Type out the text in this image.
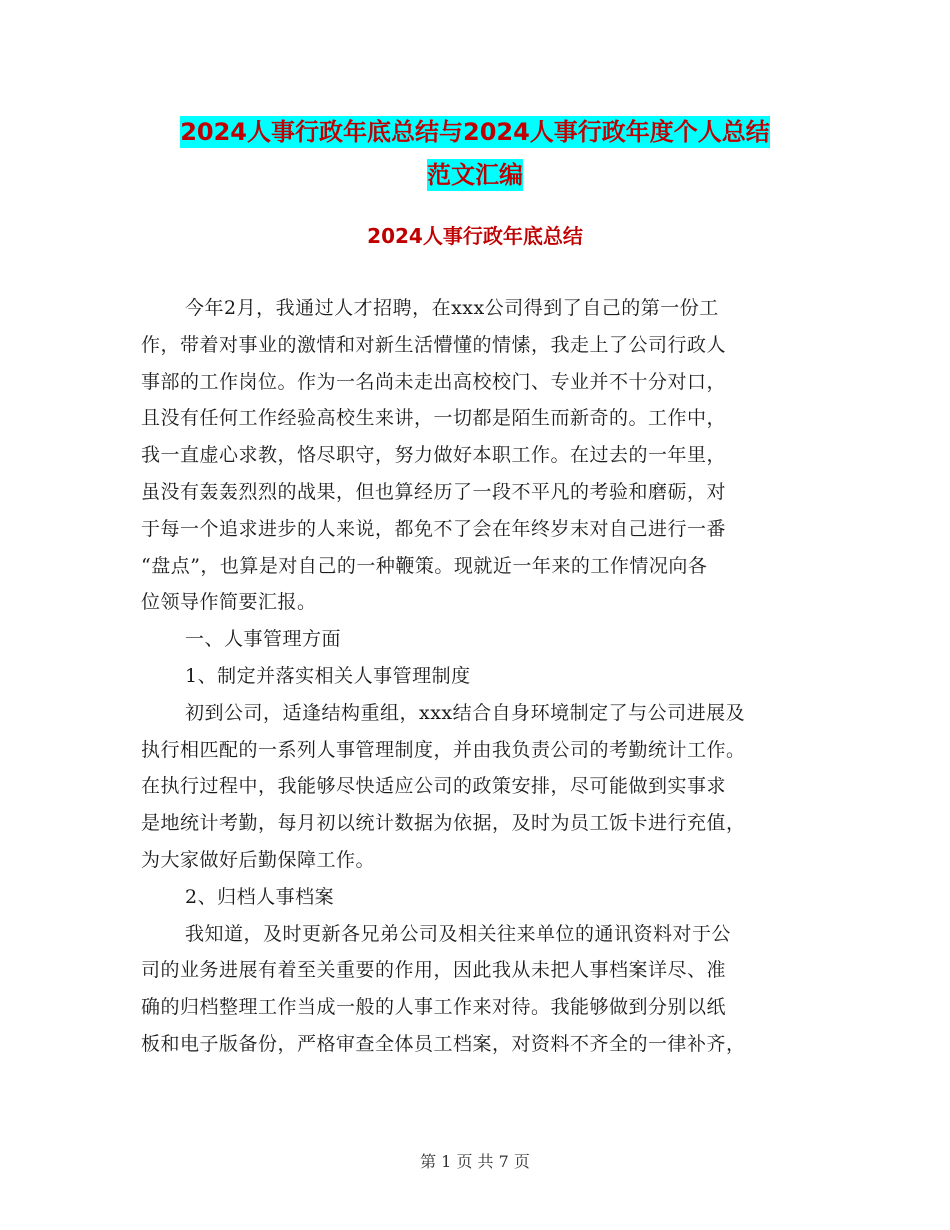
2024人事行政年底总结与2024人事行政年度个人总结
范文汇编
2024人事行政年底总结
今年2月，我通过人才招聘，在xxx公司得到了自己的第一份工
作，带着对事业的激情和对新生活懵懂的情愫，我走上了公司行政人
事部的工作岗位。作为一名尚未走出高校校门、专业并不十分对口，
且没有任何工作经验高校生来讲，一切都是陌生而新奇的。工作中，
我一直虚心求教，恪尽职守，努力做好本职工作。在过去的一年里，
虽没有轰轰烈烈的战果，但也算经历了一段不平凡的考验和磨砺，对
于每一个追求进步的人来说，都免不了会在年终岁末对自己进行一番
“盘点”，也算是对自己的一种鞭策。现就近一年来的工作情况向各
位领导作简要汇报。
一、人事管理方面
1、制定并落实相关人事管理制度
初到公司，适逢结构重组，xxx结合自身环境制定了与公司进展及
执行相匹配的一系列人事管理制度，并由我负责公司的考勤统计工作。
在执行过程中，我能够尽快适应公司的政策安排，尽可能做到实事求
是地统计考勤，每月初以统计数据为依据，及时为员工饭卡进行充值，
为大家做好后勤保障工作。
2、归档人事档案
我知道，及时更新各兄弟公司及相关往来单位的通讯资料对于公
司的业务进展有着至关重要的作用，因此我从未把人事档案详尽、准
确的归档整理工作当成一般的人事工作来对待。我能够做到分别以纸
板和电子版备份，严格审查全体员工档案，对资料不齐全的一律补齐，
第 1 页 共 7 页
